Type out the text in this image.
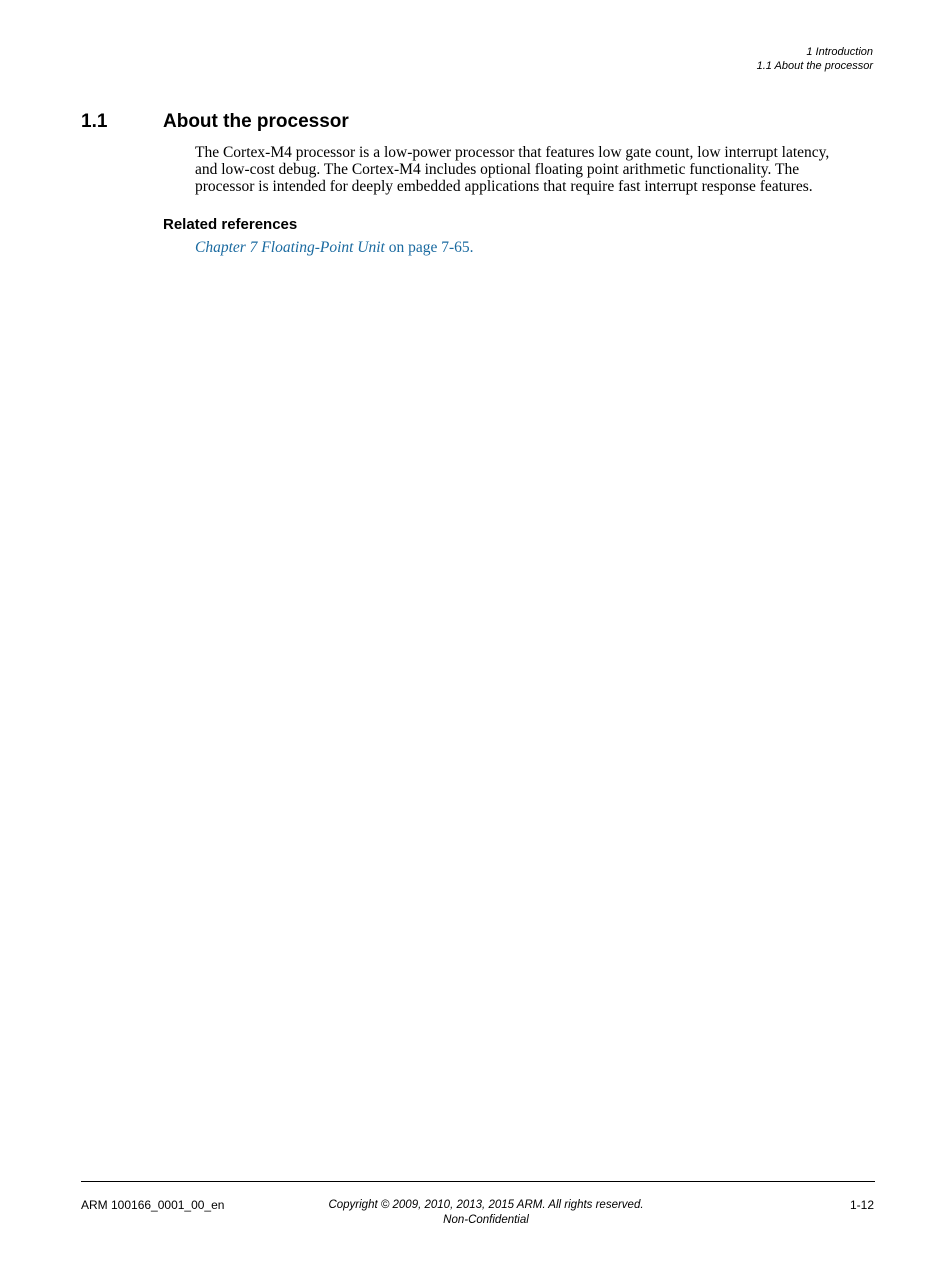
1 Introduction
1.1 About the processor
1.1	About the processor

The Cortex-M4 processor is a low-power processor that features low gate count, low interrupt latency,
and low-cost debug. The Cortex-M4 includes optional floating point arithmetic functionality. The
processor is intended for deeply embedded applications that require fast interrupt response features.

Related references

Chapter 7 Floating-Point Unit on page 7-65.

ARM 100166_0001_00_en	Copyright © 2009, 2010, 2013, 2015 ARM. All rights reserved.
Non-Confidential
1-12
